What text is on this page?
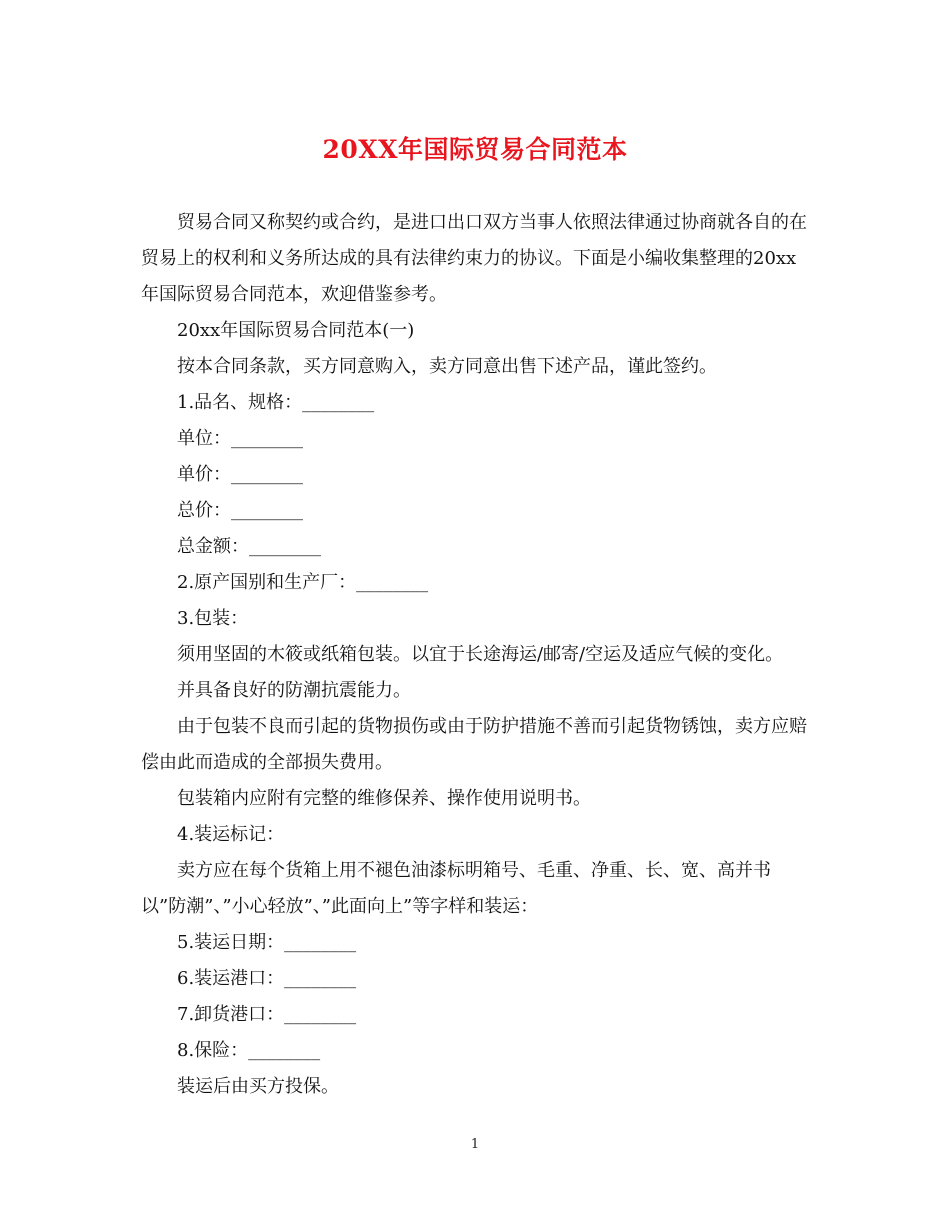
20XX年国际贸易合同范本

贸易合同又称契约或合约，是进口出口双方当事人依照法律通过协商就各自的在贸易上的权利和义务所达成的具有法律约束力的协议。下面是小编收集整理的20xx年国际贸易合同范本，欢迎借鉴参考。

20xx年国际贸易合同范本(一)

按本合同条款，买方同意购入，卖方同意出售下述产品，谨此签约。

1.品名、规格：________

单位：________

单价：________

总价：________

总金额：________

2.原产国别和生产厂：________

3.包装：

须用坚固的木筱或纸箱包装。以宜于长途海运/邮寄/空运及适应气候的变化。

并具备良好的防潮抗震能力。

由于包装不良而引起的货物损伤或由于防护措施不善而引起货物锈蚀，卖方应赔偿由此而造成的全部损失费用。

包装箱内应附有完整的维修保养、操作使用说明书。

4.装运标记：

卖方应在每个货箱上用不褪色油漆标明箱号、毛重、净重、长、宽、高并书以”防潮”、”小心轻放”、”此面向上”等字样和装运：

5.装运日期：________

6.装运港口：________

7.卸货港口：________

8.保险：________

装运后由买方投保。

1
